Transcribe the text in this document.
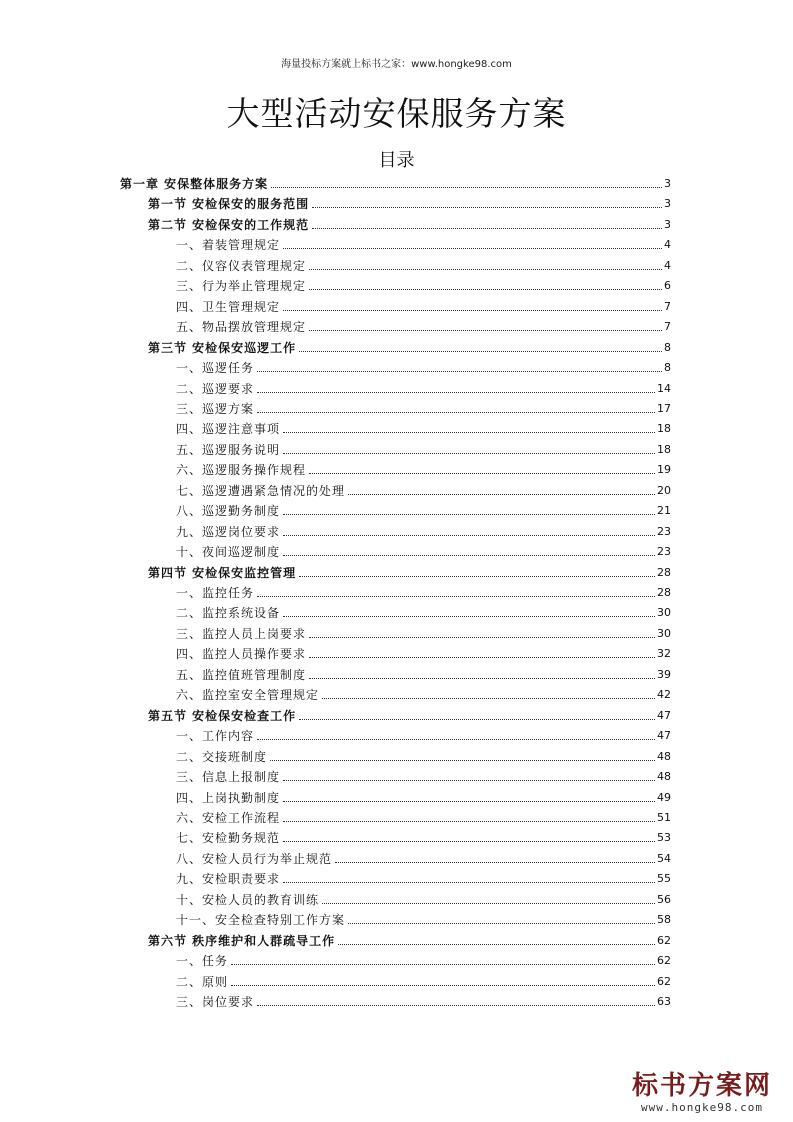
海量投标方案就上标书之家：www.hongke98.com
大型活动安保服务方案
目录
第一章 安保整体服务方案	3
第一节 安检保安的服务范围	3
第二节 安检保安的工作规范	3
一、着装管理规定	4
二、仪容仪表管理规定	4
三、行为举止管理规定	6
四、卫生管理规定	7
五、物品摆放管理规定	7
第三节 安检保安巡逻工作	8
一、巡逻任务	8
二、巡逻要求	14
三、巡逻方案	17
四、巡逻注意事项	18
五、巡逻服务说明	18
六、巡逻服务操作规程	19
七、巡逻遭遇紧急情况的处理	20
八、巡逻勤务制度	21
九、巡逻岗位要求	23
十、夜间巡逻制度	23
第四节 安检保安监控管理	28
一、监控任务	28
二、监控系统设备	30
三、监控人员上岗要求	30
四、监控人员操作要求	32
五、监控值班管理制度	39
六、监控室安全管理规定	42
第五节 安检保安检查工作	47
一、工作内容	47
二、交接班制度	48
三、信息上报制度	48
四、上岗执勤制度	49
六、安检工作流程	51
七、安检勤务规范	53
八、安检人员行为举止规范	54
九、安检职责要求	55
十、安检人员的教育训练	56
十一、安全检查特别工作方案	58
第六节 秩序维护和人群疏导工作	62
一、任务	62
二、原则	62
三、岗位要求	63
标书方案网
www.hongke98.com
